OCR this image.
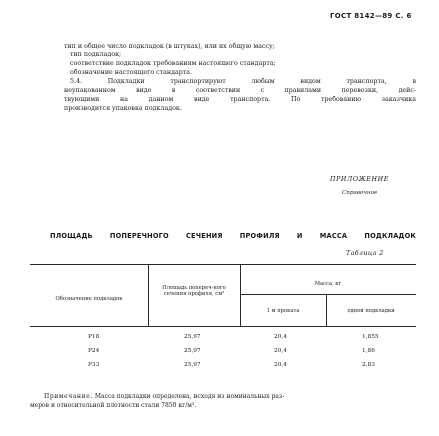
ГОСТ 8142—89 С. 6
тип и общее число подкладок (в штуках), или их общую массу;
тип подкладок;
соответствие подкладок требованиям настоящего стандарта;
обозначение настоящего стандарта.
5.4. Подкладки транспортируют любым видом транспорта, в
неупакованном виде в соответствии с правилами перевозки, дейс-
твующими на данном виде транспорта. По требованию заказчика
производится упаковка подкладок.
ПРИЛОЖЕНИЕ
Справочное
ПЛОЩАДЬ ПОПЕРЕЧНОГО СЕЧЕНИЯ ПРОФИЛЯ И МАССА ПОДКЛАДОК
Таблица 2
Обозначение подкладок
Площадь попереч-ного сечения профиля, см²
Масса, кг
1 м проката	одной подкладки
Р18	25,97	20,4	1,855
Р24	25,97	20,4	1,86
Р33	25,97	20,4	2,83
Примечание. Масса подкладки определена, исходя из номинальных раз-
меров и относительной плотности стали 7850 кг/м³.
